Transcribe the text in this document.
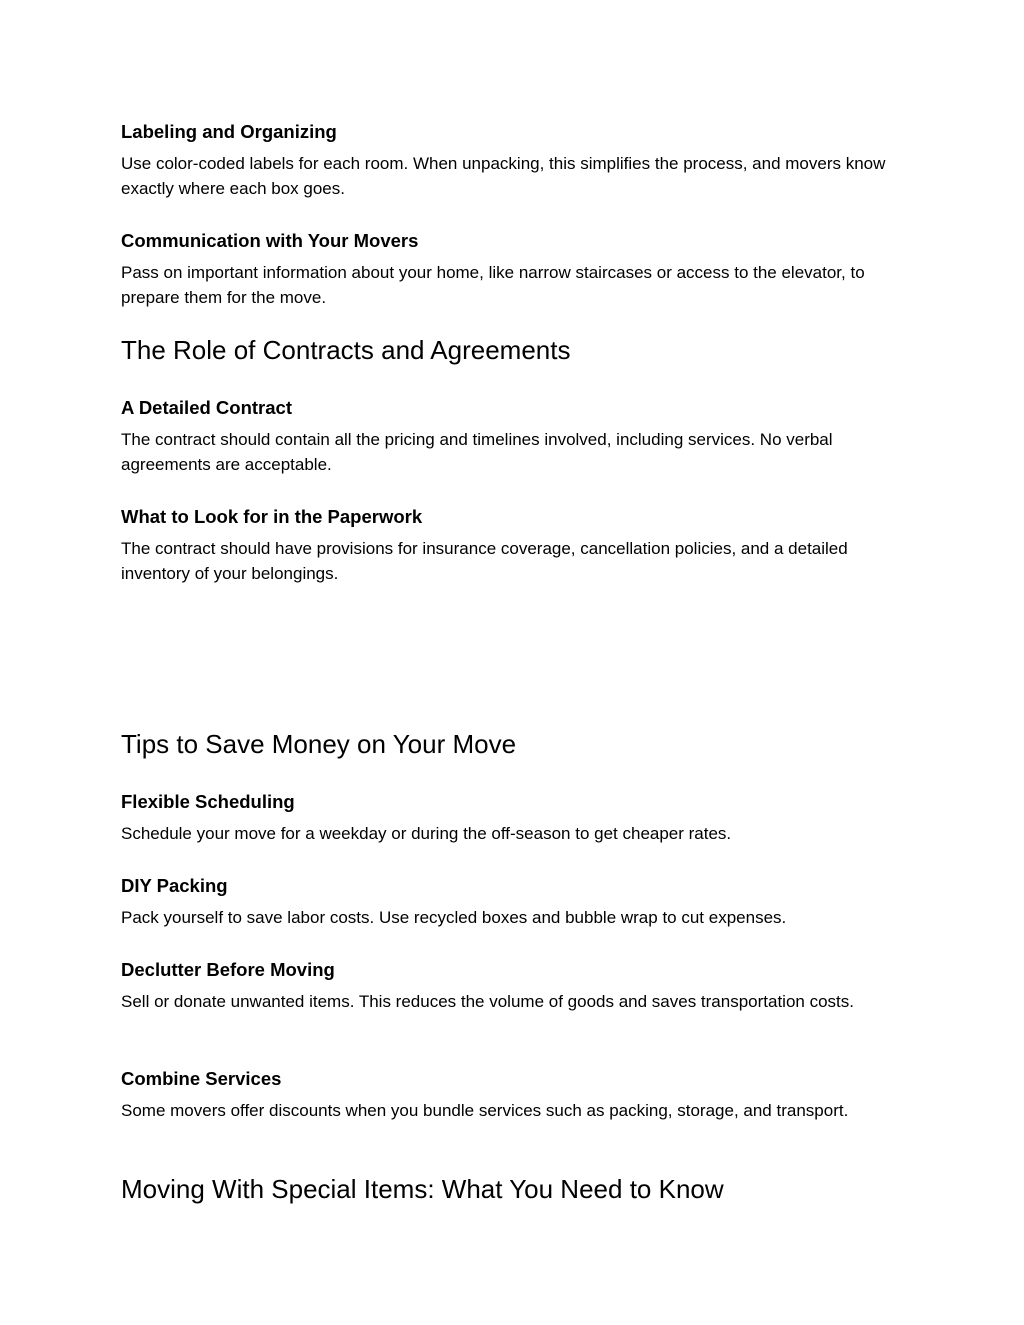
Labeling and Organizing

Use color-coded labels for each room. When unpacking, this simplifies the process, and movers know exactly where each box goes.

Communication with Your Movers

Pass on important information about your home, like narrow staircases or access to the elevator, to prepare them for the move.

The Role of Contracts and Agreements
A Detailed Contract

The contract should contain all the pricing and timelines involved, including services. No verbal agreements are acceptable.

What to Look for in the Paperwork

The contract should have provisions for insurance coverage, cancellation policies, and a detailed inventory of your belongings.

Tips to Save Money on Your Move
Flexible Scheduling

Schedule your move for a weekday or during the off-season to get cheaper rates.

DIY Packing

Pack yourself to save labor costs. Use recycled boxes and bubble wrap to cut expenses.

Declutter Before Moving

Sell or donate unwanted items. This reduces the volume of goods and saves transportation costs.

Combine Services

Some movers offer discounts when you bundle services such as packing, storage, and transport.

Moving With Special Items: What You Need to Know
